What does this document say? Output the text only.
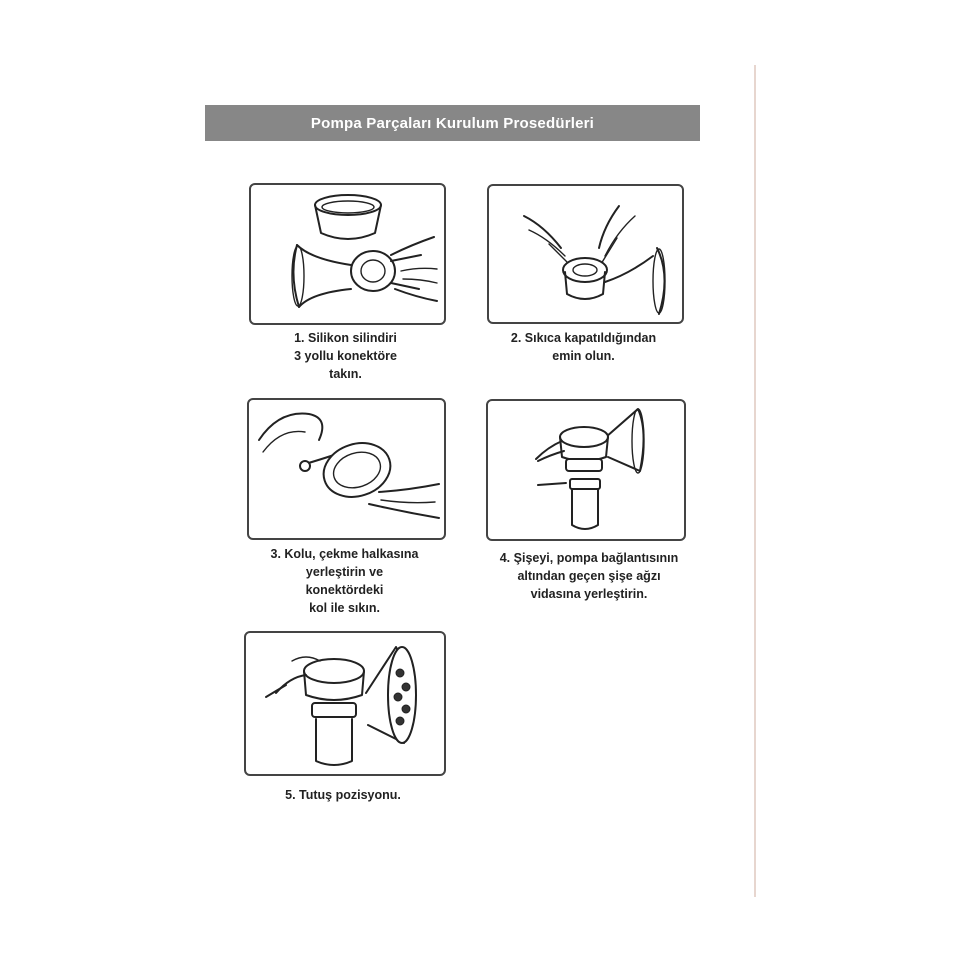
Pompa Parçaları Kurulum Prosedürleri
1. Silikon silindiri
3 yollu konektöre
takın.
2. Sıkıca kapatıldığından
emin olun.
3. Kolu, çekme halkasına
yerleştirin ve
konektördeki
kol ile sıkın.
4. Şişeyi, pompa bağlantısının
altından geçen şişe ağzı
vidasına yerleştirin.
5. Tutuş pozisyonu.
